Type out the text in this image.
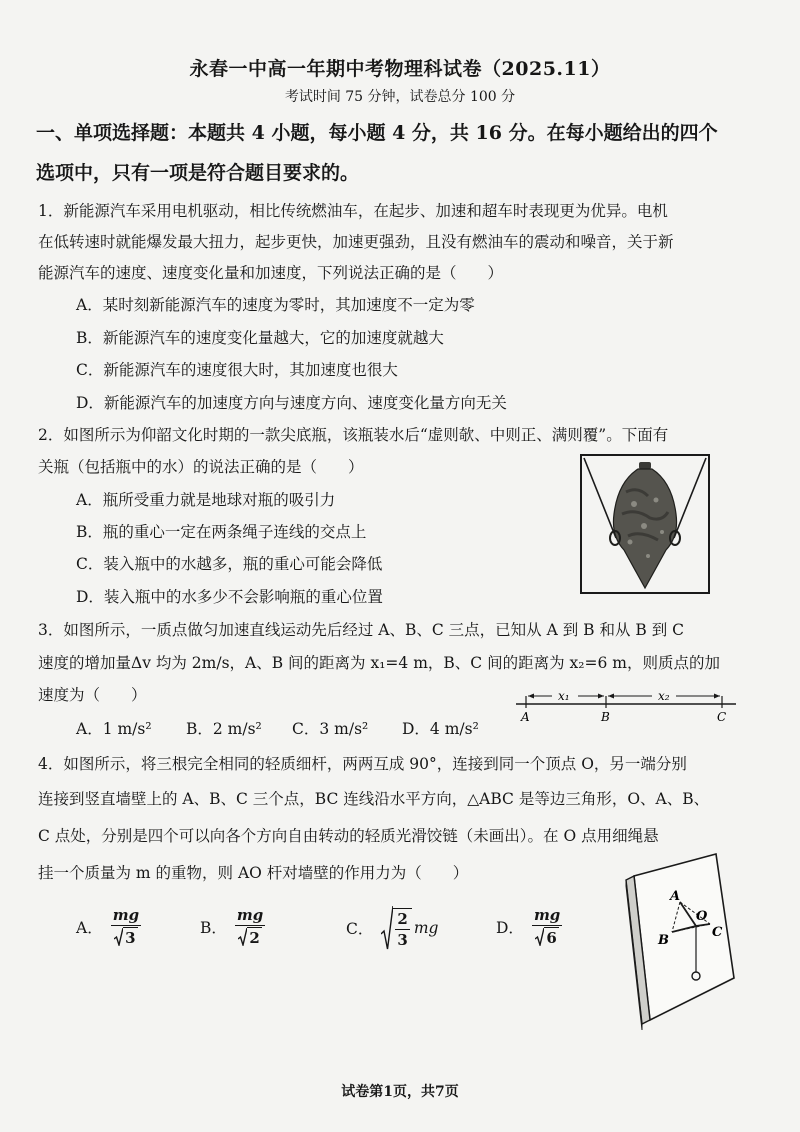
永春一中高一年期中考物理科试卷（2025.11）
考试时间 75 分钟，试卷总分 100 分
一、单项选择题：本题共 4 小题，每小题 4 分，共 16 分。在每小题给出的四个
选项中，只有一项是符合题目要求的。
1．新能源汽车采用电机驱动，相比传统燃油车，在起步、加速和超车时表现更为优异。电机
在低转速时就能爆发最大扭力，起步更快，加速更强劲，且没有燃油车的震动和噪音，关于新
能源汽车的速度、速度变化量和加速度，下列说法正确的是（　　）
A．某时刻新能源汽车的速度为零时，其加速度不一定为零
B．新能源汽车的速度变化量越大，它的加速度就越大
C．新能源汽车的速度很大时，其加速度也很大
D．新能源汽车的加速度方向与速度方向、速度变化量方向无关
2．如图所示为仰韶文化时期的一款尖底瓶，该瓶装水后“虚则欹、中则正、满则覆”。下面有
关瓶（包括瓶中的水）的说法正确的是（　　）
A．瓶所受重力就是地球对瓶的吸引力
B．瓶的重心一定在两条绳子连线的交点上
C．装入瓶中的水越多，瓶的重心可能会降低
D．装入瓶中的水多少不会影响瓶的重心位置
3．如图所示，一质点做匀加速直线运动先后经过 A、B、C 三点，已知从 A 到 B 和从 B 到 C
速度的增加量Δv 均为 2m/s，A、B 间的距离为 x₁=4 m，B、C 间的距离为 x₂=6 m，则质点的加
速度为（　　）
A．1 m/s² B．2 m/s² C．3 m/s² D．4 m/s²
x₁	x₂
A	B	C
4．如图所示，将三根完全相同的轻质细杆，两两互成 90°，连接到同一个顶点 O，另一端分别
连接到竖直墙壁上的 A、B、C 三个点，BC 连线沿水平方向，△ABC 是等边三角形，O、A、B、
C 点处，分别是四个可以向各个方向自由转动的轻质光滑饺链（未画出）。在 O 点用细绳悬
挂一个质量为 m 的重物，则 AO 杆对墙壁的作用力为（　　）
A． $\frac{mg}{3}$	B． $\frac{mg}{2}$	C． $\frac{2}{3}$ mg	D． $\frac{mg}{6}$
A
B
C
O
试卷第1页，共7页
